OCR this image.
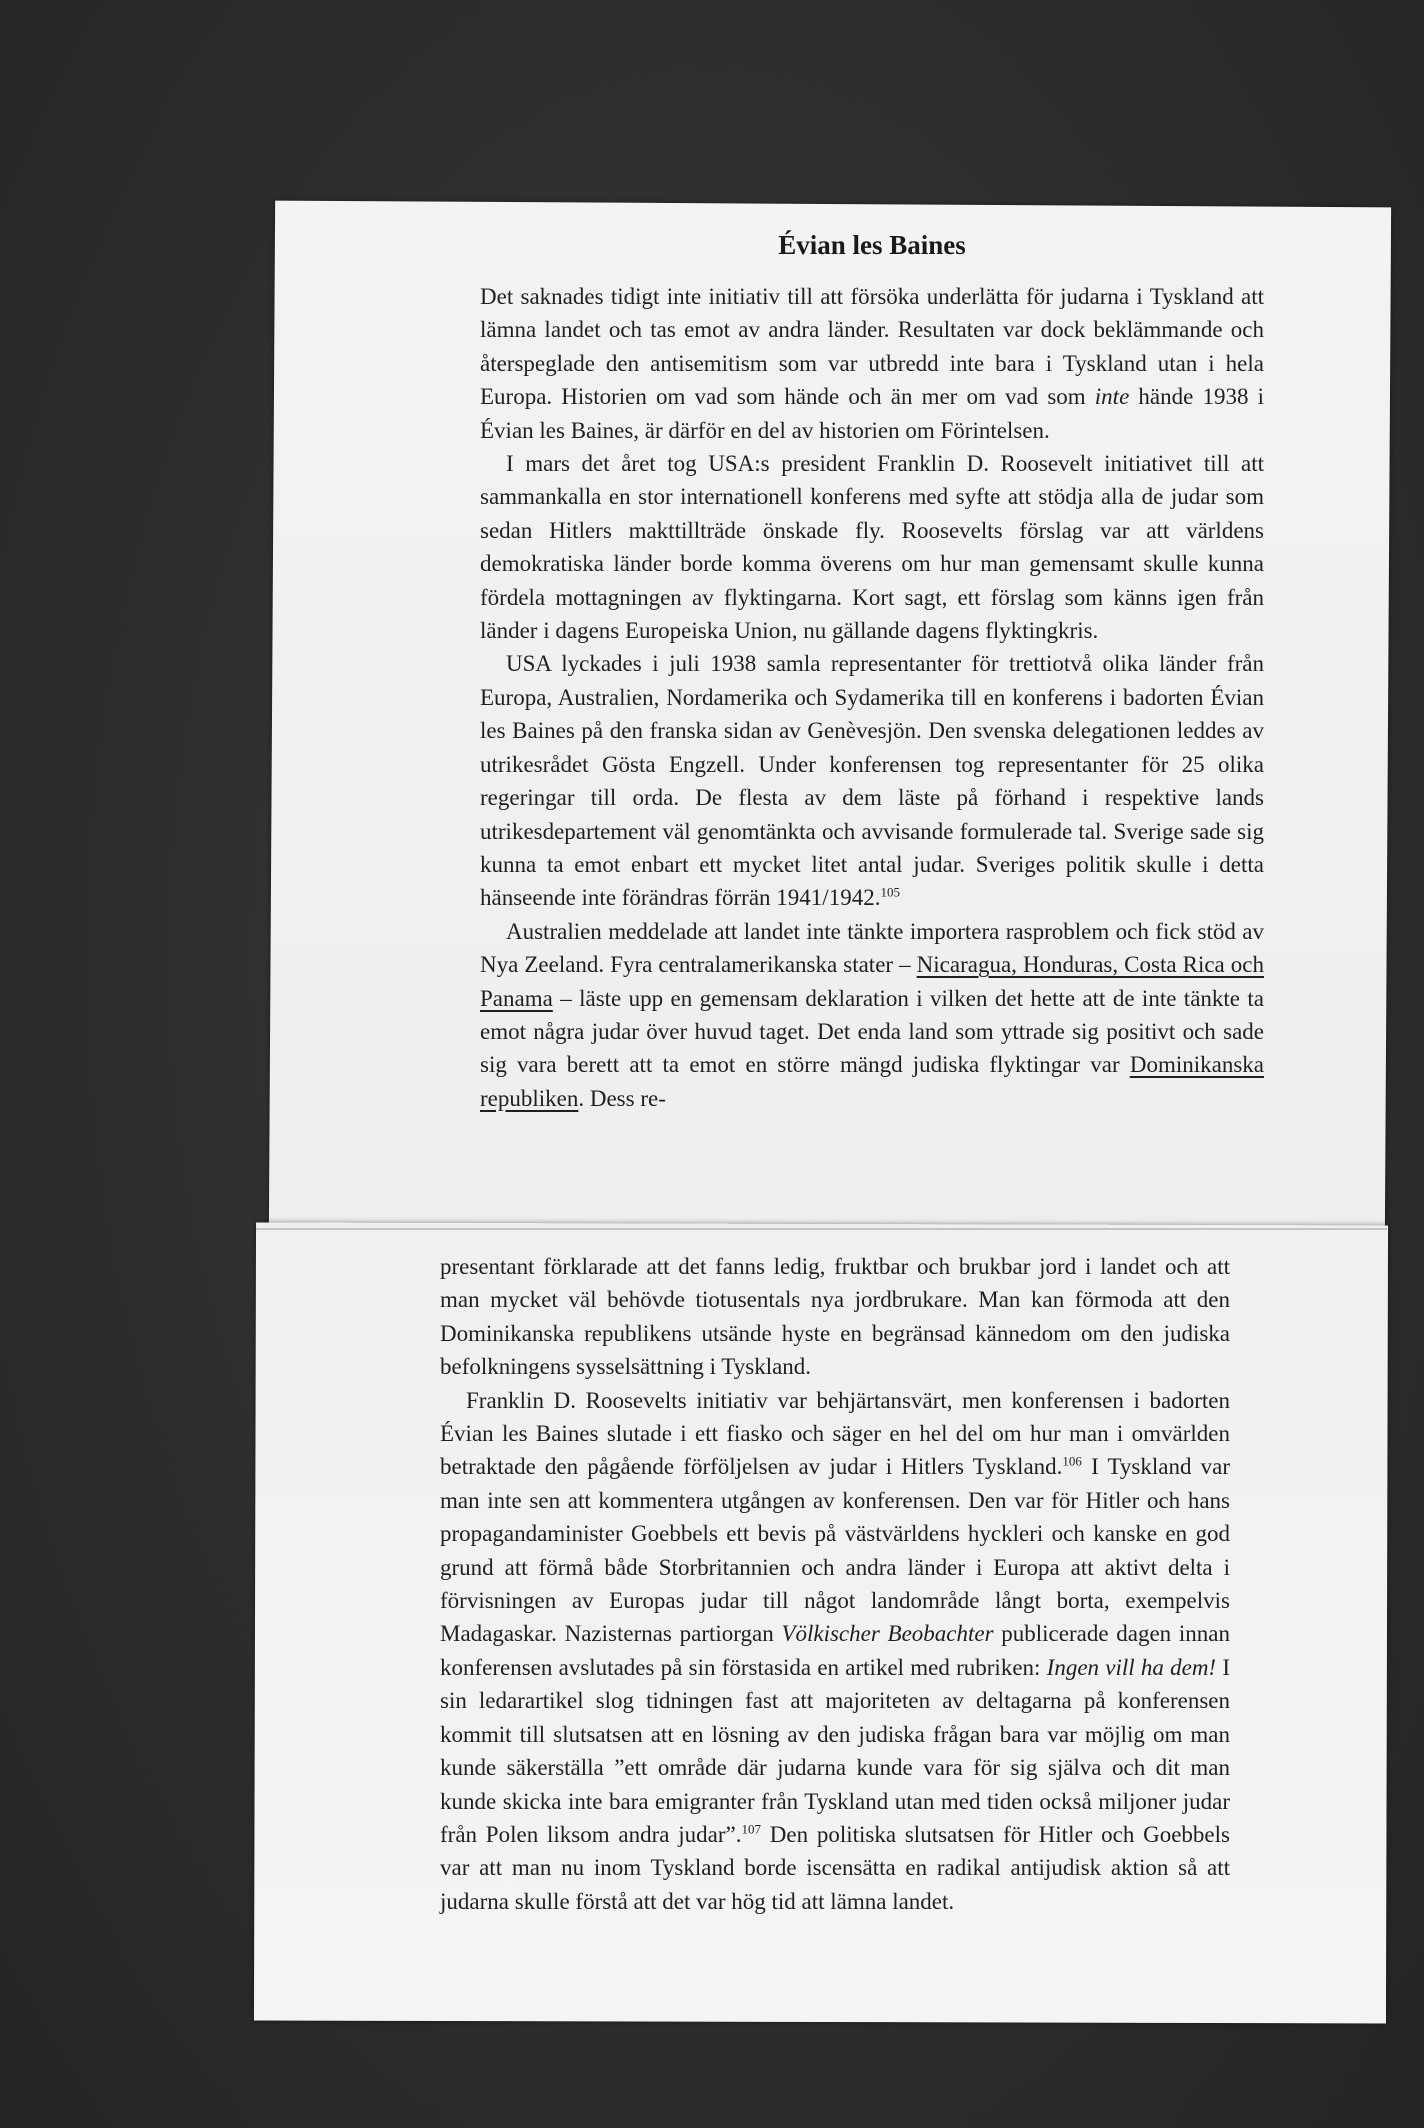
Évian les Baines

Det saknades tidigt inte initiativ till att försöka underlätta för judarna i Tyskland att lämna landet och tas emot av andra länder. Resultaten var dock beklämmande och återspeglade den antisemitism som var utbredd inte bara i Tyskland utan i hela Europa. Historien om vad som hände och än mer om vad som inte hände 1938 i Évian les Baines, är därför en del av historien om Förintelsen.

I mars det året tog USA:s president Franklin D. Roosevelt initiativet till att sammankalla en stor internationell konferens med syfte att stödja alla de judar som sedan Hitlers makttillträde önskade fly. Roosevelts förslag var att världens demokratiska länder borde komma överens om hur man gemensamt skulle kunna fördela mottagningen av flyktingarna. Kort sagt, ett förslag som känns igen från länder i dagens Europeiska Union, nu gällande dagens flyktingkris.

USA lyckades i juli 1938 samla representanter för trettiotvå olika länder från Europa, Australien, Nordamerika och Sydamerika till en konferens i badorten Évian les Baines på den franska sidan av Genèvesjön. Den svenska delegationen leddes av utrikesrådet Gösta Engzell. Under konferensen tog representanter för 25 olika regeringar till orda. De flesta av dem läste på förhand i respektive lands utrikesdepartement väl genomtänkta och avvisande formulerade tal. Sverige sade sig kunna ta emot enbart ett mycket litet antal judar. Sveriges politik skulle i detta hänseende inte förändras förrän 1941/1942.$^{105}$

Australien meddelade att landet inte tänkte importera rasproblem och fick stöd av Nya Zeeland. Fyra centralamerikanska stater – Nicaragua, Honduras, Costa Rica och Panama – läste upp en gemensam deklaration i vilken det hette att de inte tänkte ta emot några judar över huvud taget. Det enda land som yttrade sig positivt och sade sig vara berett att ta emot en större mängd judiska flyktingar var Dominikanska republiken. Dess re-

presentant förklarade att det fanns ledig, fruktbar och brukbar jord i landet och att man mycket väl behövde tiotusentals nya jordbrukare. Man kan förmoda att den Dominikanska republikens utsände hyste en begränsad kännedom om den judiska befolkningens sysselsättning i Tyskland.

Franklin D. Roosevelts initiativ var behjärtansvärt, men konferensen i badorten Évian les Baines slutade i ett fiasko och säger en hel del om hur man i omvärlden betraktade den pågående förföljelsen av judar i Hitlers Tyskland.$^{106}$ I Tyskland var man inte sen att kommentera utgången av konferensen. Den var för Hitler och hans propagandaminister Goebbels ett bevis på västvärldens hyckleri och kanske en god grund att förmå både Storbritannien och andra länder i Europa att aktivt delta i förvisningen av Europas judar till något landområde långt borta, exempelvis Madagaskar. Nazisternas partiorgan Völkischer Beobachter publicerade dagen innan konferensen avslutades på sin förstasida en artikel med rubriken: Ingen vill ha dem! I sin ledarartikel slog tidningen fast att majoriteten av deltagarna på konferensen kommit till slutsatsen att en lösning av den judiska frågan bara var möjlig om man kunde säkerställa ”ett område där judarna kunde vara för sig själva och dit man kunde skicka inte bara emigranter från Tyskland utan med tiden också miljoner judar från Polen liksom andra judar”.$^{107}$ Den politiska slutsatsen för Hitler och Goebbels var att man nu inom Tyskland borde iscensätta en radikal antijudisk aktion så att judarna skulle förstå att det var hög tid att lämna landet.
